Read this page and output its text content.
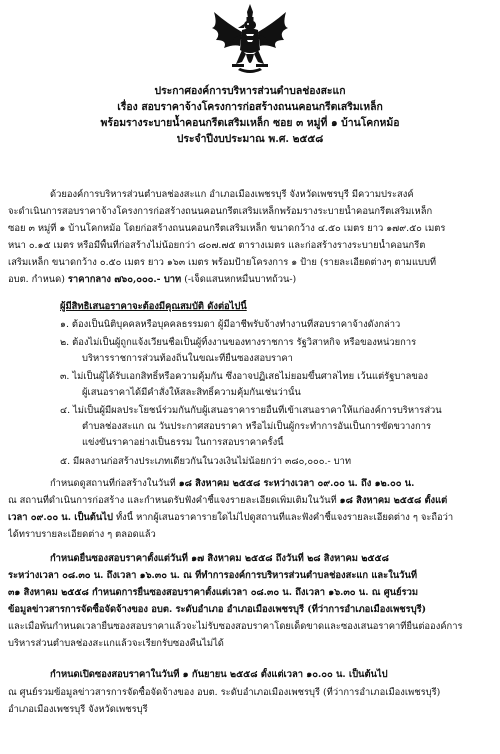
ประกาศองค์การบริหารส่วนตำบลช่องสะแก
เรื่อง สอบราคาจ้างโครงการก่อสร้างถนนคอนกรีตเสริมเหล็ก
พร้อมรางระบายน้ำคอนกรีตเสริมเหล็ก ซอย ๓ หมู่ที่ ๑ บ้านโคกหม้อ
ประจำปีงบประมาณ พ.ศ. ๒๕๕๘
ด้วยองค์การบริหารส่วนตำบลช่องสะแก อำเภอเมืองเพชรบุรี จังหวัดเพชรบุรี มีความประสงค์
จะดำเนินการสอบราคาจ้างโครงการก่อสร้างถนนคอนกรีตเสริมเหล็กพร้อมรางระบายน้ำคอนกรีตเสริมเหล็ก
ซอย ๓ หมู่ที่ ๑ บ้านโคกหม้อ โดยก่อสร้างถนนคอนกรีตเสริมเหล็ก ขนาดกว้าง ๔.๕๐ เมตร ยาว ๑๗๙.๕๐ เมตร
หนา ๐.๑๕ เมตร หรือมีพื้นที่ก่อสร้างไม่น้อยกว่า ๘๐๗.๗๕ ตารางเมตร และก่อสร้างรางระบายน้ำคอนกรีต
เสริมเหล็ก ขนาดกว้าง ๐.๕๐ เมตร ยาว ๑๖๓ เมตร พร้อมป้ายโครงการ ๑ ป้าย (รายละเอียดต่างๆ ตามแบบที่
อบต. กำหนด) ราคากลาง ๗๖๐,๐๐๐.- บาท (-เจ็ดแสนหกหมื่นบาทถ้วน-)
ผู้มีสิทธิเสนอราคาจะต้องมีคุณสมบัติ ดังต่อไปนี้
๑. ต้องเป็นนิติบุคคลหรือบุคคลธรรมดา ผู้มีอาชีพรับจ้างทำงานที่สอบราคาจ้างดังกล่าว
๒. ต้องไม่เป็นผู้ถูกแจ้งเวียนชื่อเป็นผู้ทิ้งงานของทางราชการ รัฐวิสาหกิจ หรือของหน่วยการ
บริหารราชการส่วนท้องถิ่นในขณะที่ยื่นซองสอบราคา
๓. ไม่เป็นผู้ได้รับเอกสิทธิ์หรือความคุ้มกัน ซึ่งอาจปฏิเสธไม่ยอมขึ้นศาลไทย เว้นแต่รัฐบาลของ
ผู้เสนอราคาได้มีคำสั่งให้สละสิทธิ์ความคุ้มกันเช่นว่านั้น
๔. ไม่เป็นผู้มีผลประโยชน์ร่วมกันกับผู้เสนอราคารายอื่นที่เข้าเสนอราคาให้แก่องค์การบริหารส่วน
ตำบลช่องสะแก ณ วันประกาศสอบราคา หรือไม่เป็นผู้กระทำการอันเป็นการขัดขวางการ
แข่งขันราคาอย่างเป็นธรรม ในการสอบราคาครั้งนี้
๕. มีผลงานก่อสร้างประเภทเดียวกันในวงเงินไม่น้อยกว่า ๓๘๐,๐๐๐.- บาท
กำหนดดูสถานที่ก่อสร้างในวันที่ ๑๘ สิงหาคม ๒๕๕๘ ระหว่างเวลา ๐๙.๐๐ น. ถึง ๑๒.๐๐ น.
ณ สถานที่ดำเนินการก่อสร้าง และกำหนดรับฟังคำชี้แจงรายละเอียดเพิ่มเติมในวันที่ ๑๘ สิงหาคม ๒๕๕๘ ตั้งแต่
เวลา ๐๙.๐๐ น. เป็นต้นไป ทั้งนี้ หากผู้เสนอราคารายใดไม่ไปดูสถานที่และฟังคำชี้แจงรายละเอียดต่าง ๆ จะถือว่า
ได้ทราบรายละเอียดต่าง ๆ ตลอดแล้ว
กำหนดยื่นซองสอบราคาตั้งแต่วันที่ ๑๗ สิงหาคม ๒๕๕๘ ถึงวันที่ ๒๘ สิงหาคม ๒๕๕๘
ระหว่างเวลา ๐๘.๓๐ น. ถึงเวลา ๑๖.๓๐ น. ณ ที่ทำการองค์การบริหารส่วนตำบลช่องสะแก และในวันที่
๓๑ สิงหาคม ๒๕๕๘ กำหนดการยื่นซองสอบราคาตั้งแต่เวลา ๐๘.๓๐ น. ถึงเวลา ๑๖.๓๐ น. ณ ศูนย์รวม
ข้อมูลข่าวสารการจัดซื้อจัดจ้างของ อบต. ระดับอำเภอ อำเภอเมืองเพชรบุรี (ที่ว่าการอำเภอเมืองเพชรบุรี)
และเมื่อพ้นกำหนดเวลายื่นซองสอบราคาแล้วจะไม่รับซองสอบราคาโดยเด็ดขาดและซองเสนอราคาที่ยื่นต่อองค์การ
บริหารส่วนตำบลช่องสะแกแล้วจะเรียกรับซองคืนไม่ได้
กำหนดเปิดซองสอบราคาในวันที่ ๑ กันยายน ๒๕๕๘ ตั้งแต่เวลา ๑๐.๐๐ น. เป็นต้นไป
ณ ศูนย์รวมข้อมูลข่าวสารการจัดซื้อจัดจ้างของ อบต. ระดับอำเภอเมืองเพชรบุรี (ที่ว่าการอำเภอเมืองเพชรบุรี)
อำเภอเมืองเพชรบุรี จังหวัดเพชรบุรี
